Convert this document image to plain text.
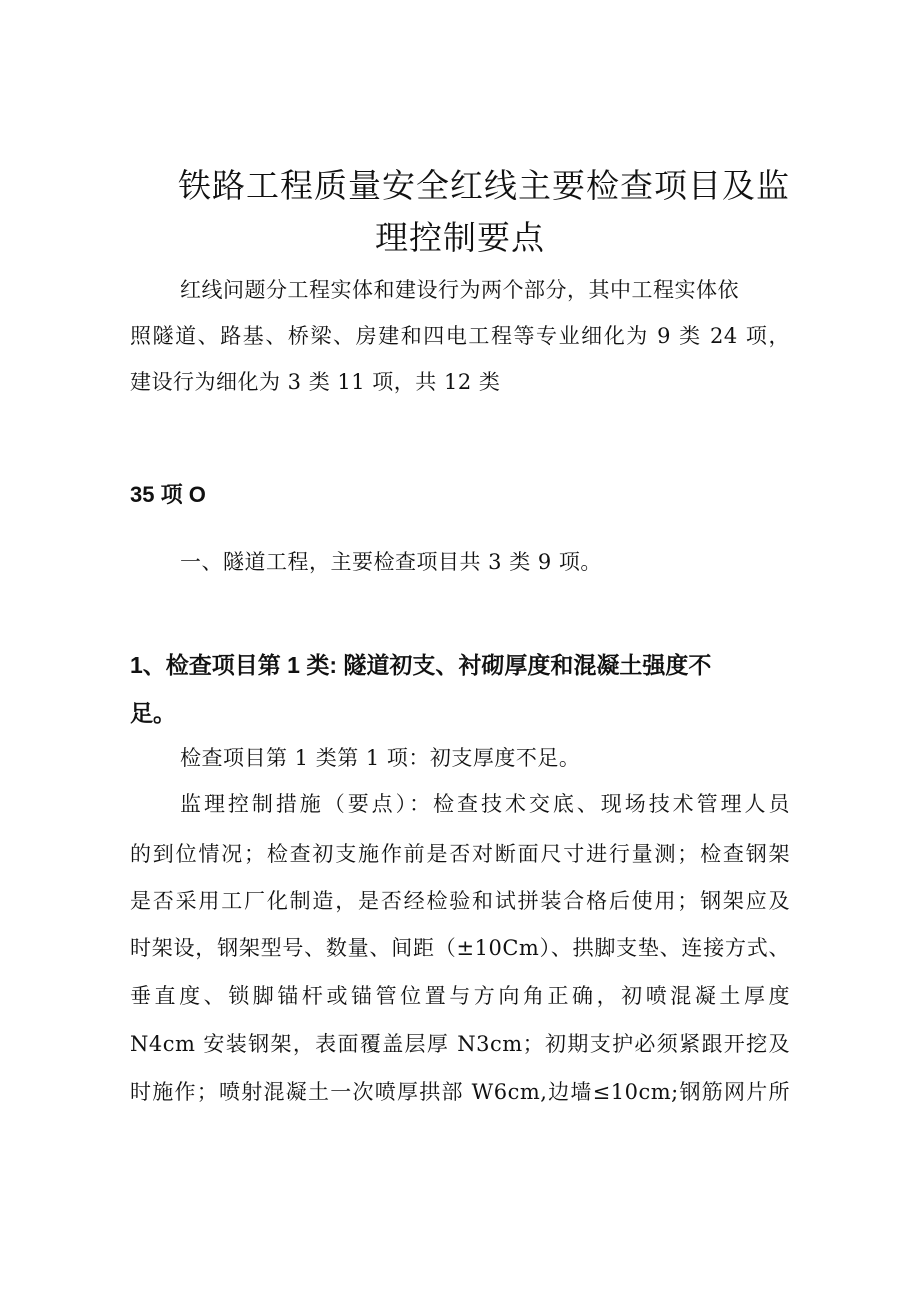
铁路工程质量安全红线主要检查项目及监
理控制要点

红线问题分工程实体和建设行为两个部分，其中工程实体依

照隧道、路基、桥梁、房建和四电工程等专业细化为 9 类 24 项，

建设行为细化为 3 类 11 项，共 12 类

35 项 O

一、隧道工程，主要检查项目共 3 类 9 项。

1、检查项目第 1 类: 隧道初支、衬砌厚度和混凝土强度不

足。

检查项目第 1 类第 1 项：初支厚度不足。

监理控制措施（要点）：检查技术交底、现场技术管理人员

的到位情况；检查初支施作前是否对断面尺寸进行量测；检查钢架

是否采用工厂化制造，是否经检验和试拼装合格后使用；钢架应及

时架设，钢架型号、数量、间距（±10Cm）、拱脚支垫、连接方式、

垂直度、锁脚锚杆或锚管位置与方向角正确，初喷混凝土厚度

N4cm 安装钢架，表面覆盖层厚 N3cm；初期支护必须紧跟开挖及

时施作；喷射混凝土一次喷厚拱部 W6cm,边墙≤10cm;钢筋网片所
